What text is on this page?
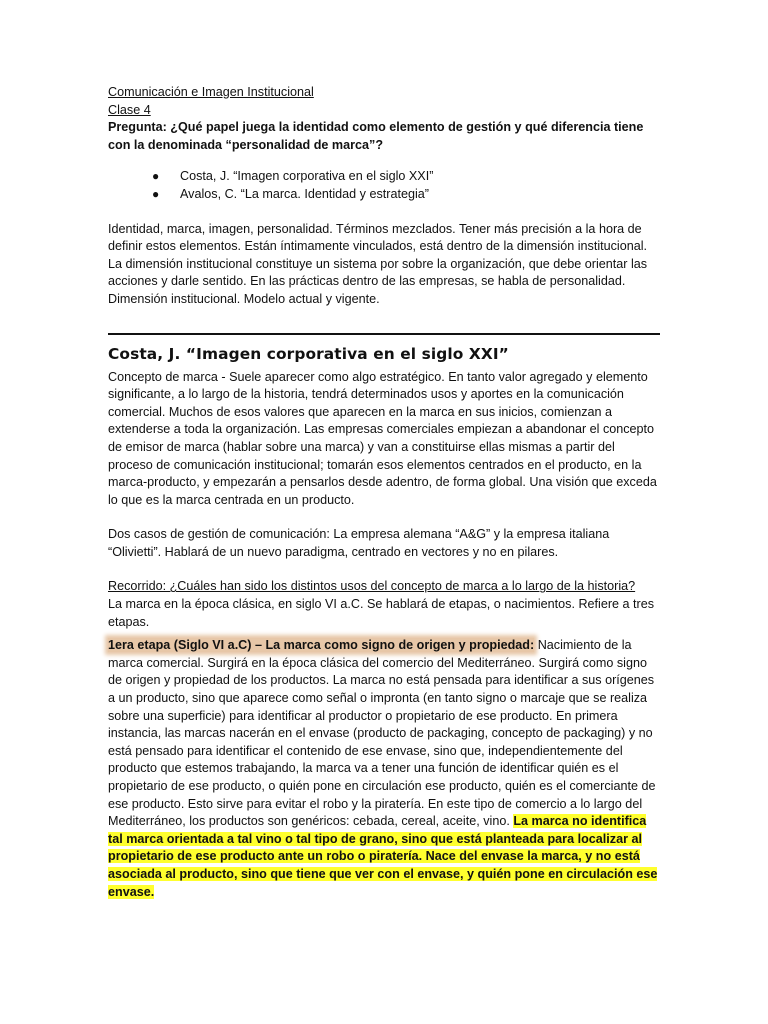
Comunicación e Imagen Institucional

Clase 4

Pregunta: ¿Qué papel juega la identidad como elemento de gestión y qué diferencia tiene con la denominada “personalidad de marca”?

● Costa, J. “Imagen corporativa en el siglo XXI”
● Avalos, C. “La marca. Identidad y estrategia”

Identidad, marca, imagen, personalidad. Términos mezclados. Tener más precisión a la hora de definir estos elementos. Están íntimamente vinculados, está dentro de la dimensión institucional. La dimensión institucional constituye un sistema por sobre la organización, que debe orientar las acciones y darle sentido. En las prácticas dentro de las empresas, se habla de personalidad. Dimensión institucional. Modelo actual y vigente.

Costa, J. “Imagen corporativa en el siglo XXI”

Concepto de marca - Suele aparecer como algo estratégico. En tanto valor agregado y elemento significante, a lo largo de la historia, tendrá determinados usos y aportes en la comunicación comercial. Muchos de esos valores que aparecen en la marca en sus inicios, comienzan a extenderse a toda la organización. Las empresas comerciales empiezan a abandonar el concepto de emisor de marca (hablar sobre una marca) y van a constituirse ellas mismas a partir del proceso de comunicación institucional; tomarán esos elementos centrados en el producto, en la marca-producto, y empezarán a pensarlos desde adentro, de forma global. Una visión que exceda lo que es la marca centrada en un producto.

Dos casos de gestión de comunicación: La empresa alemana “A&G” y la empresa italiana “Olivietti”. Hablará de un nuevo paradigma, centrado en vectores y no en pilares.

Recorrido: ¿Cuáles han sido los distintos usos del concepto de marca a lo largo de la historia?

La marca en la época clásica, en siglo VI a.C. Se hablará de etapas, o nacimientos. Refiere a tres etapas.

1era etapa (Siglo VI a.C) – La marca como signo de origen y propiedad: Nacimiento de la marca comercial. Surgirá en la época clásica del comercio del Mediterráneo. Surgirá como signo de origen y propiedad de los productos. La marca no está pensada para identificar a sus orígenes a un producto, sino que aparece como señal o impronta (en tanto signo o marcaje que se realiza sobre una superficie) para identificar al productor o propietario de ese producto. En primera instancia, las marcas nacerán en el envase (producto de packaging, concepto de packaging) y no está pensado para identificar el contenido de ese envase, sino que, independientemente del producto que estemos trabajando, la marca va a tener una función de identificar quién es el propietario de ese producto, o quién pone en circulación ese producto, quién es el comerciante de ese producto. Esto sirve para evitar el robo y la piratería. En este tipo de comercio a lo largo del Mediterráneo, los productos son genéricos: cebada, cereal, aceite, vino. La marca no identifica tal marca orientada a tal vino o tal tipo de grano, sino que está planteada para localizar al propietario de ese producto ante un robo o piratería. Nace del envase la marca, y no está asociada al producto, sino que tiene que ver con el envase, y quién pone en circulación ese envase.
